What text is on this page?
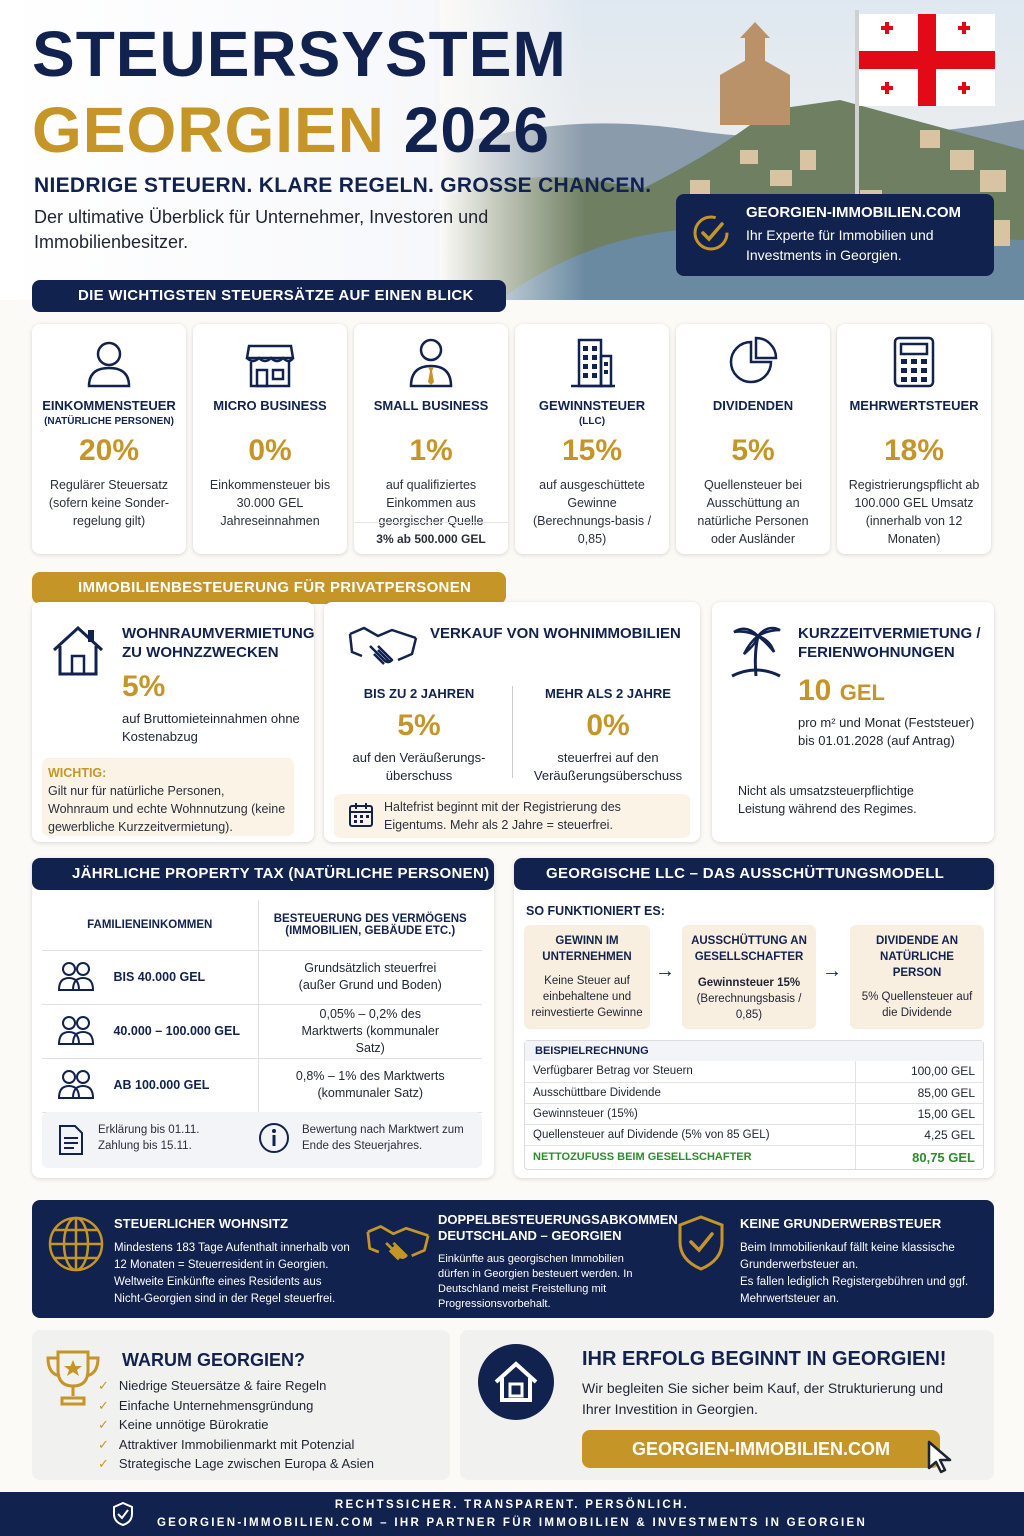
STEUERSYSTEM
GEORGIEN 2026
NIEDRIGE STEUERN. KLARE REGELN. GROSSE CHANCEN.
Der ultimative Überblick für Unternehmer, Investoren und Immobilienbesitzer.
GEORGIEN-IMMOBILIEN.COM
Ihr Experte für Immobilien und Investments in Georgien.
DIE WICHTIGSTEN STEUERSÄTZE AUF EINEN BLICK
EINKOMMENSTEUER
(NATÜRLICHE PERSONEN)
20%
Regulärer Steuersatz (sofern keine Sonder-regelung gilt)
MICRO BUSINESS
0%
Einkommensteuer bis 30.000 GEL Jahreseinnahmen
SMALL BUSINESS
1%
auf qualifiziertes Einkommen aus georgischer Quelle
3% ab 500.000 GEL
GEWINNSTEUER
(LLC)
15%
auf ausgeschüttete Gewinne (Berechnungs-basis / 0,85)
DIVIDENDEN
5%
Quellensteuer bei Ausschüttung an natürliche Personen oder Ausländer
MEHRWERTSTEUER
18%
Registrierungspflicht ab 100.000 GEL Umsatz (innerhalb von 12 Monaten)
IMMOBILIENBESTEUERUNG FÜR PRIVATPERSONEN
WOHNRAUMVERMIETUNG ZU WOHNZZWECKEN
5%
auf Bruttomieteinnahmen ohne Kostenabzug
WICHTIG:
Gilt nur für natürliche Personen, Wohnraum und echte Wohnnutzung (keine gewerbliche Kurzzeitvermietung).
VERKAUF VON WOHNIMMOBILIEN
BIS ZU 2 JAHREN
5%
auf den Veräußerungs-überschuss
MEHR ALS 2 JAHRE
0%
steuerfrei auf den Veräußerungsüberschuss
Haltefrist beginnt mit der Registrierung des Eigentums. Mehr als 2 Jahre = steuerfrei.
KURZZEITVERMIETUNG / FERIENWOHNUNGEN
10 GEL
pro m² und Monat (Feststeuer) bis 01.01.2028 (auf Antrag)
Nicht als umsatzsteuerpflichtige Leistung während des Regimes.
JÄHRLICHE PROPERTY TAX (NATÜRLICHE PERSONEN)
FAMILIENEINKOMMEN	BESTEUERUNG DES VERMÖGENS (IMMOBILIEN, GEBÄUDE ETC.)
BIS 40.000 GEL	Grundsätzlich steuerfrei (außer Grund und Boden)
40.000 – 100.000 GEL	0,05% – 0,2% des Marktwerts (kommunaler Satz)
AB 100.000 GEL	0,8% – 1% des Marktwerts (kommunaler Satz)
Erklärung bis 01.11. Zahlung bis 15.11.
Bewertung nach Marktwert zum Ende des Steuerjahres.
GEORGISCHE LLC – DAS AUSSCHÜTTUNGSMODELL
SO FUNKTIONIERT ES:
GEWINN IM UNTERNEHMEN
Keine Steuer auf einbehaltene und reinvestierte Gewinne
→
AUSSCHÜTTUNG AN GESELLSCHAFTER
Gewinnsteuer 15%
(Berechnungsbasis / 0,85)
→
DIVIDENDE AN NATÜRLICHE PERSON
5% Quellensteuer auf die Dividende
BEISPIELRECHNUNG
Verfügbarer Betrag vor Steuern	100,00 GEL
Ausschüttbare Dividende	85,00 GEL
Gewinnsteuer (15%)	15,00 GEL
Quellensteuer auf Dividende (5% von 85 GEL)	4,25 GEL
NETTOZUFUSS BEIM GESELLSCHAFTER	80,75 GEL
STEUERLICHER WOHNSITZ
Mindestens 183 Tage Aufenthalt innerhalb von 12 Monaten = Steuerresident in Georgien.
Weltweite Einkünfte eines Residents aus Nicht-Georgien sind in der Regel steuerfrei.
DOPPELBESTEUERUNGSABKOMMEN DEUTSCHLAND – GEORGIEN
Einkünfte aus georgischen Immobilien dürfen in Georgien besteuert werden. In Deutschland meist Freistellung mit Progressionsvorbehalt.
KEINE GRUNDERWERBSTEUER
Beim Immobilienkauf fällt keine klassische Grunderwerbsteuer an.
Es fallen lediglich Registergebühren und ggf. Mehrwertsteuer an.
WARUM GEORGIEN?
✓ Niedrige Steuersätze & faire Regeln
✓ Einfache Unternehmensgründung
✓ Keine unnötige Bürokratie
✓ Attraktiver Immobilienmarkt mit Potenzial
✓ Strategische Lage zwischen Europa & Asien
IHR ERFOLG BEGINNT IN GEORGIEN!
Wir begleiten Sie sicher beim Kauf, der Strukturierung und Ihrer Investition in Georgien.
GEORGIEN-IMMOBILIEN.COM
RECHTSSICHER. TRANSPARENT. PERSÖNLICH.
GEORGIEN-IMMOBILIEN.COM – IHR PARTNER FÜR IMMOBILIEN & INVESTMENTS IN GEORGIEN
